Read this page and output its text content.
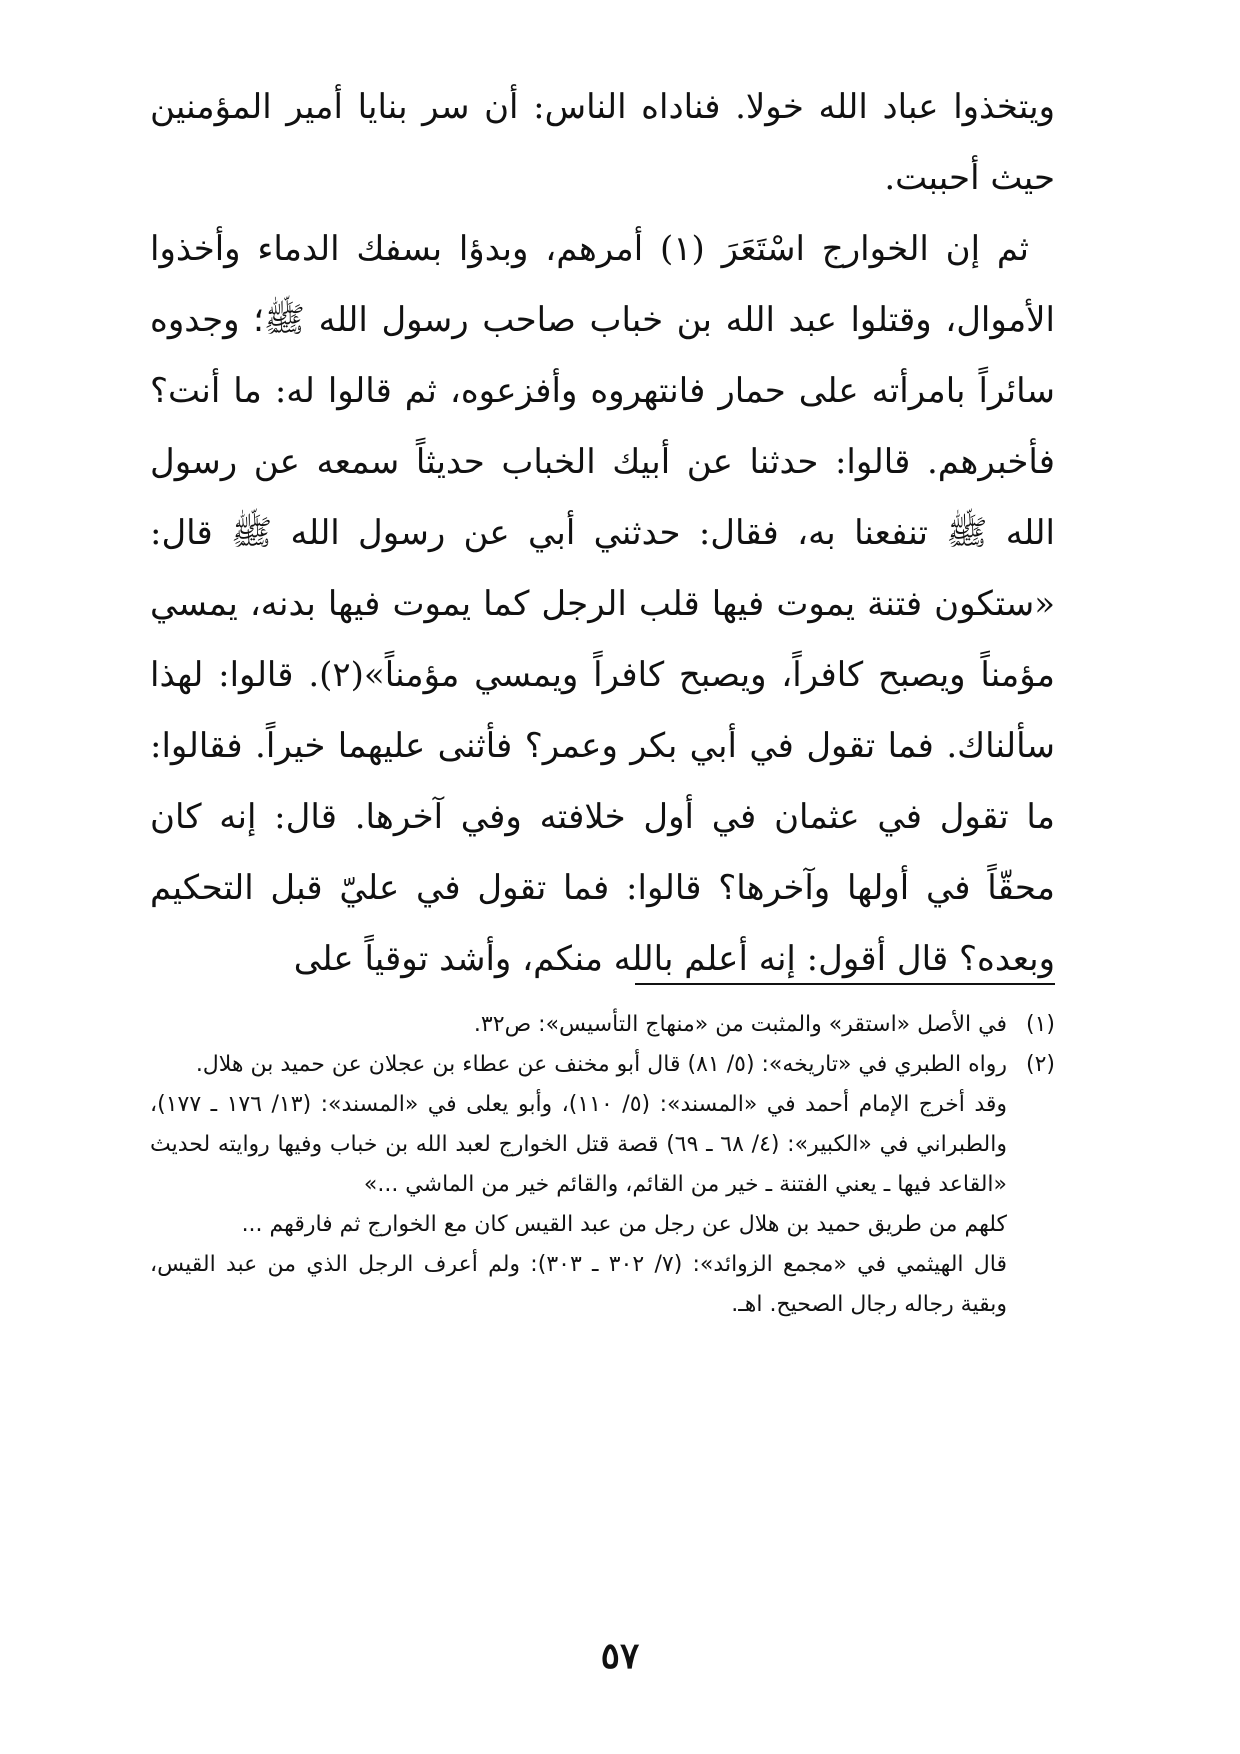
ويتخذوا عباد الله خولا. فناداه الناس: أن سر بنايا أمير المؤمنين حيث أحببت.

ثم إن الخوارج اسْتَعَرَ (١) أمرهم، وبدؤا بسفك الدماء وأخذوا الأموال، وقتلوا عبد الله بن خباب صاحب رسول الله ﷺ؛ وجدوه سائراً بامرأته على حمار فانتهروه وأفزعوه، ثم قالوا له: ما أنت؟ فأخبرهم. قالوا: حدثنا عن أبيك الخباب حديثاً سمعه عن رسول الله ﷺ تنفعنا به، فقال: حدثني أبي عن رسول الله ﷺ قال: «ستكون فتنة يموت فيها قلب الرجل كما يموت فيها بدنه، يمسي مؤمناً ويصبح كافراً، ويصبح كافراً ويمسي مؤمناً»(٢). قالوا: لهذا سألناك. فما تقول في أبي بكر وعمر؟ فأثنى عليهما خيراً. فقالوا: ما تقول في عثمان في أول خلافته وفي آخرها. قال: إنه كان محقّاً في أولها وآخرها؟ قالوا: فما تقول في عليّ قبل التحكيم وبعده؟ قال أقول: إنه أعلم بالله منكم، وأشد توقياً على

(١)

في الأصل «استقر» والمثبت من «منهاج التأسيس»: ص٣٢.

(٢)

رواه الطبري في «تاريخه»: (٥/ ٨١) قال أبو مخنف عن عطاء بن عجلان عن حميد بن هلال.

وقد أخرج الإمام أحمد في «المسند»: (٥/ ١١٠)، وأبو يعلى في «المسند»: (١٣/ ١٧٦ ـ ١٧٧)، والطبراني في «الكبير»: (٤/ ٦٨ ـ ٦٩) قصة قتل الخوارج لعبد الله بن خباب وفيها روايته لحديث «القاعد فيها ـ يعني الفتنة ـ خير من القائم، والقائم خير من الماشي ...»

كلهم من طريق حميد بن هلال عن رجل من عبد القيس كان مع الخوارج ثم فارقهم ...

قال الهيثمي في «مجمع الزوائد»: (٧/ ٣٠٢ ـ ٣٠٣): ولم أعرف الرجل الذي من عبد القيس، وبقية رجاله رجال الصحيح. اهـ.

٥٧
